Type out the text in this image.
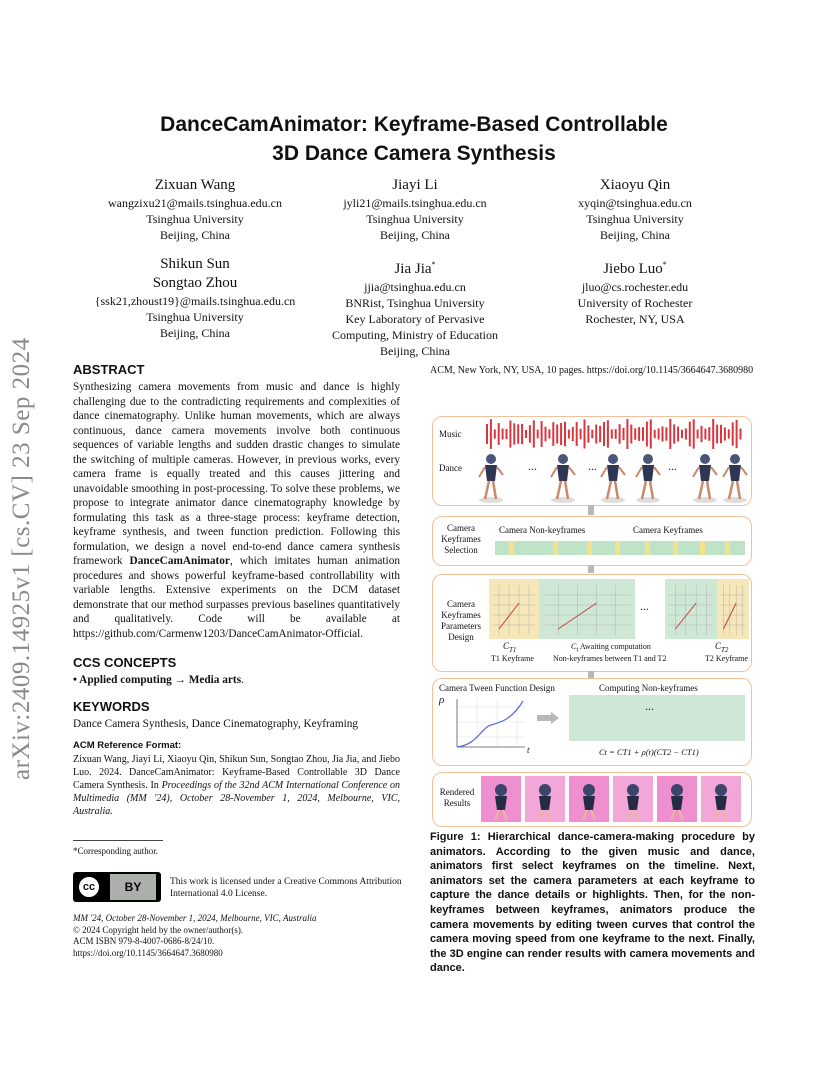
arXiv:2409.14925v1 [cs.CV] 23 Sep 2024
DanceCamAnimator: Keyframe-Based Controllable
3D Dance Camera Synthesis
Zixuan Wang
wangzixu21@mails.tsinghua.edu.cn
Tsinghua University
Beijing, China
Jiayi Li
jyli21@mails.tsinghua.edu.cn
Tsinghua University
Beijing, China
Xiaoyu Qin
xyqin@tsinghua.edu.cn
Tsinghua University
Beijing, China
Shikun Sun
Songtao Zhou
{ssk21,zhoust19}@mails.tsinghua.edu.cn
Tsinghua University
Beijing, China
Jia Jia*
jjia@tsinghua.edu.cn
BNRist, Tsinghua University
Key Laboratory of Pervasive
Computing, Ministry of Education
Beijing, China
Jiebo Luo*
jluo@cs.rochester.edu
University of Rochester
Rochester, NY, USA
ABSTRACT
Synthesizing camera movements from music and dance is highly challenging due to the contradicting requirements and complexities of dance cinematography. Unlike human movements, which are always continuous, dance camera movements involve both continuous sequences of variable lengths and sudden drastic changes to simulate the switching of multiple cameras. However, in previous works, every camera frame is equally treated and this causes jittering and unavoidable smoothing in post-processing. To solve these problems, we propose to integrate animator dance cinematography knowledge by formulating this task as a three-stage process: keyframe detection, keyframe synthesis, and tween function prediction. Following this formulation, we design a novel end-to-end dance camera synthesis framework DanceCamAnimator, which imitates human animation procedures and shows powerful keyframe-based controllability with variable lengths. Extensive experiments on the DCM dataset demonstrate that our method surpasses previous baselines quantitatively and qualitatively. Code will be available at https://github.com/Carmenw1203/DanceCamAnimator-Official.
CCS CONCEPTS
• Applied computing → Media arts.
KEYWORDS
Dance Camera Synthesis, Dance Cinematography, Keyframing
ACM Reference Format:
Zixuan Wang, Jiayi Li, Xiaoyu Qin, Shikun Sun, Songtao Zhou, Jia Jia, and Jiebo Luo. 2024. DanceCamAnimator: Keyframe-Based Controllable 3D Dance Camera Synthesis. In Proceedings of the 32nd ACM International Conference on Multimedia (MM '24), October 28-November 1, 2024, Melbourne, VIC, Australia.
*Corresponding author.
cc	BY	This work is licensed under a Creative Commons Attribution International 4.0 License.
MM '24, October 28-November 1, 2024, Melbourne, VIC, Australia
© 2024 Copyright held by the owner/author(s).
ACM ISBN 979-8-4007-0686-8/24/10.
https://doi.org/10.1145/3664647.3680980
ACM, New York, NY, USA, 10 pages. https://doi.org/10.1145/3664647.3680980
Music
Dance	...	...	...
Camera Keyframes Selection
Camera Non-keyframes	Camera Keyframes
Camera Keyframes Parameters Design
...
$C_{T1}$
T1 Keyframe
$C_t$ Awaiting computation
Non-keyframes between T1 and T2
$C_{T2}$
T2 Keyframe
Camera Tween Function Design	Computing Non-keyframes
ρ
t
...
Ct = CT1 + ρ(t)(CT2 − CT1)
Rendered Results
Figure 1: Hierarchical dance-camera-making procedure by animators. According to the given music and dance, animators first select keyframes on the timeline. Next, animators set the camera parameters at each keyframe to capture the dance details or highlights. Then, for the non-keyframes between keyframes, animators produce the camera movements by editing tween curves that control the camera moving speed from one keyframe to the next. Finally, the 3D engine can render results with camera movements and dance.
